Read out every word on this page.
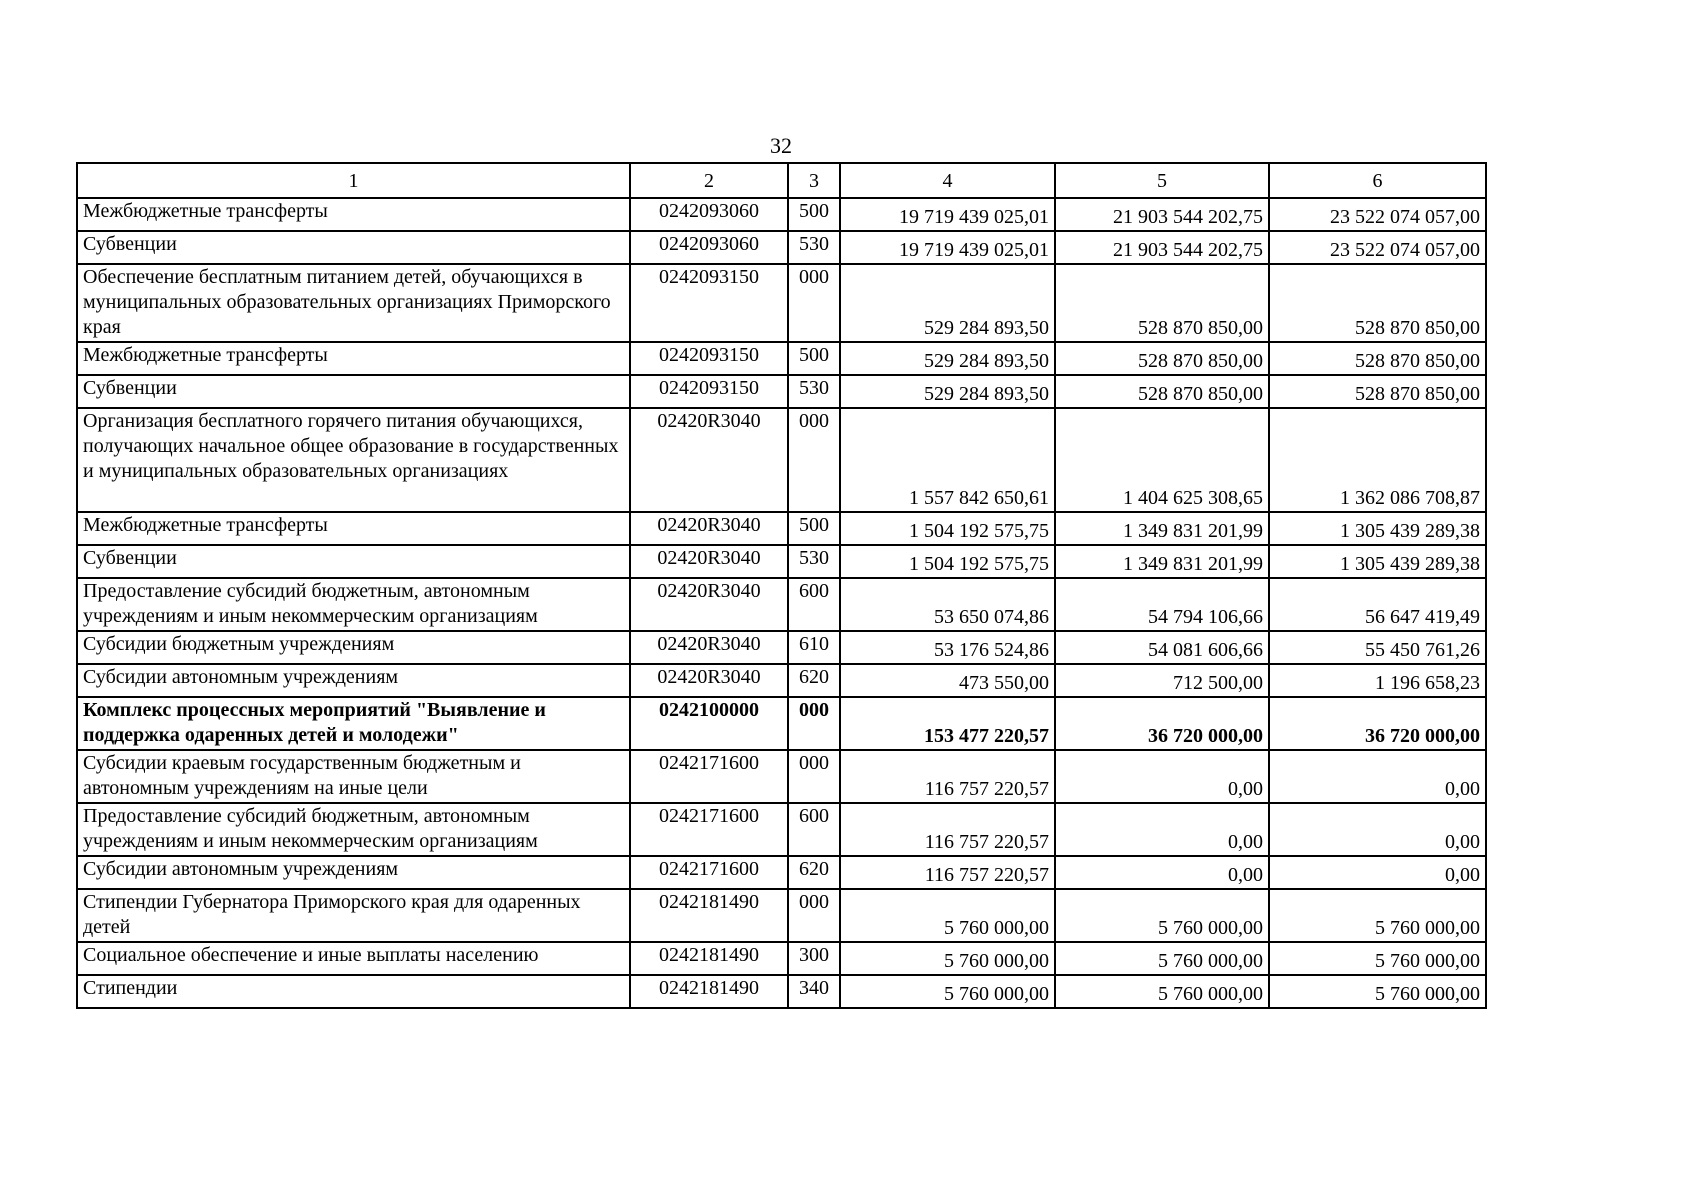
32
1	2	3	4	5	6
Межбюджетные трансферты	0242093060	500	19 719 439 025,01	21 903 544 202,75	23 522 074 057,00
Субвенции	0242093060	530	19 719 439 025,01	21 903 544 202,75	23 522 074 057,00
Обеспечение бесплатным питанием детей, обучающихся в муниципальных образовательных организациях Приморского края	0242093150	000	529 284 893,50	528 870 850,00	528 870 850,00
Межбюджетные трансферты	0242093150	500	529 284 893,50	528 870 850,00	528 870 850,00
Субвенции	0242093150	530	529 284 893,50	528 870 850,00	528 870 850,00
Организация бесплатного горячего питания обучающихся, получающих начальное общее образование в государственных и муниципальных образовательных организациях	02420R3040	000	1 557 842 650,61	1 404 625 308,65	1 362 086 708,87
Межбюджетные трансферты	02420R3040	500	1 504 192 575,75	1 349 831 201,99	1 305 439 289,38
Субвенции	02420R3040	530	1 504 192 575,75	1 349 831 201,99	1 305 439 289,38
Предоставление субсидий бюджетным, автономным учреждениям и иным некоммерческим организациям	02420R3040	600	53 650 074,86	54 794 106,66	56 647 419,49
Субсидии бюджетным учреждениям	02420R3040	610	53 176 524,86	54 081 606,66	55 450 761,26
Субсидии автономным учреждениям	02420R3040	620	473 550,00	712 500,00	1 196 658,23
Комплекс процессных мероприятий "Выявление и поддержка одаренных детей и молодежи"	0242100000	000	153 477 220,57	36 720 000,00	36 720 000,00
Субсидии краевым государственным бюджетным и автономным учреждениям на иные цели	0242171600	000	116 757 220,57	0,00	0,00
Предоставление субсидий бюджетным, автономным учреждениям и иным некоммерческим организациям	0242171600	600	116 757 220,57	0,00	0,00
Субсидии автономным учреждениям	0242171600	620	116 757 220,57	0,00	0,00
Стипендии Губернатора Приморского края для одаренных детей	0242181490	000	5 760 000,00	5 760 000,00	5 760 000,00
Социальное обеспечение и иные выплаты населению	0242181490	300	5 760 000,00	5 760 000,00	5 760 000,00
Стипендии	0242181490	340	5 760 000,00	5 760 000,00	5 760 000,00
